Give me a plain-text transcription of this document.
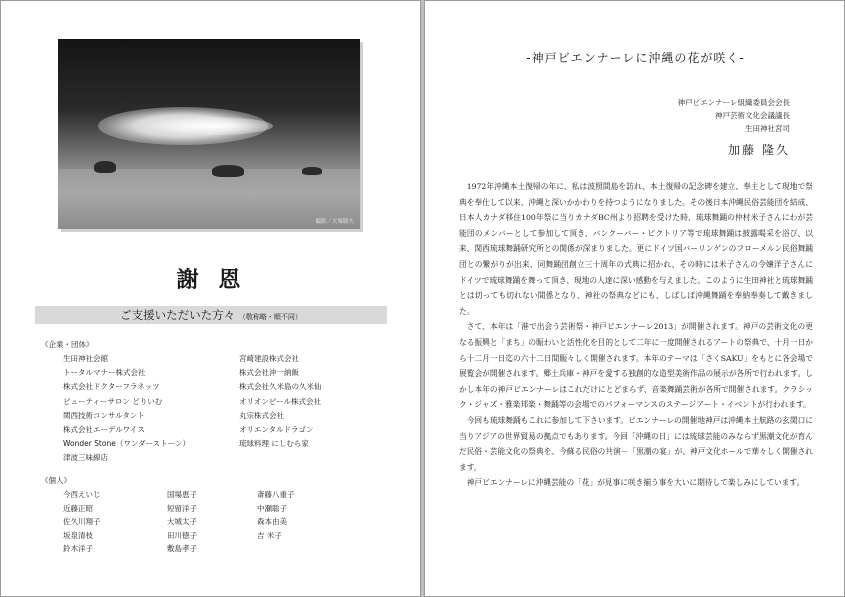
撮影／大塚勝久
謝 恩
ご支援いただいた方々 （敬称略・順不同）
《企業・団体》
生田神社会館
トータルマナー株式会社
株式会社ドクターフラネッツ
ビューティーサロン どりいむ
関西技術コンサルタント
株式会社エーデルワイス
Wonder Stone（ワンダーストーン）
津波三味線店
宮崎建設株式会社
株式会社沖一納飯
株式会社久米島の久米仙
オリオンビール株式会社
丸宗株式会社
オリエンタルドラゴン
琉球料理 にしむら家
《個人》
今西えいじ
近藤正昭
佐久川翔子
坂泉清枝
鈴木洋子
国場恵子
短留洋子
大城太子
田川徳子
敷島孝子
斎藤八重子
中瀬聡子
森本由美
吉 米子
-神戸ビエンナーレに沖縄の花が咲く-
神戸ビエンナーレ組織委員会会長
神戸芸術文化会議議長
生田神社宮司
加藤 隆久

1972年沖縄本土復帰の年に、私は波照間島を訪れ、本土復帰の記念碑を建立、奉主として現地で祭典を奉仕して以来、沖縄と深いかかわりを持つようになりました。その後日本沖縄民俗芸能団を結成、日本人カナダ移住100年祭に当りカナダBC州より招聘を受けた時、琉球舞踊の仲村米子さんにわが芸能団のメンバーとして参加して頂き、バンクーバー・ビクトリア等で琉球舞踊は披露喝采を浴び、以来、関西琉球舞踊研究所との関係が深まりました。更にドイツ国バーリンゲンのフローメルン民俗舞踊団との繋がりが出来、同舞踊団創立三十周年の式典に招かれ、その時には米子さんの令嬢洋子さんにドイツで琉球舞踊を舞って頂き、現地の人達に深い感動を与えました。このように生田神社と琉球舞踊とは切っても切れない間係となり、神社の祭典などにも、しばしば沖縄舞踊を奉納奉奏して戴きました。

さて、本年は「港で出会う芸術祭・神戸ビエンナーレ2013」が開催されます。神戸の芸術文化の更なる振興と「まち」の賑わいと活性化を目的として二年に一度開催されるアートの祭典で、十月一日から十二月一日迄の六十二日間賑々しく開催されます。本年のテーマは「さくSAKU」をもとに各会場で展覧会が開催されます。郷土兵庫・神戸を愛する独創的な造型美術作品の展示が各所で行われます。しかし本年の神戸ビエンナーレはこれだけにとどまらず、音楽舞踊芸術が各所で開催されます。クラシック・ジャズ・雅楽邦楽・舞踊等の会場でのパフォーマンスのステージアート・イベントが行われます。

今回も琉球舞踊もこれに参加して下さいます。ビエンナーレの開催地神戸は沖縄本土航路の玄関口に当りアジアの世界貿易の拠点でもあります。今回「沖縄の日」には琉球芸能のみならず黒潮文化が育んだ民俗・芸能文化の祭典を、今蘇る民俗の共演－「黒潮の宴」が、神戸文化ホールで華々しく開催されます。

神戸ビエンナーレに沖縄芸能の「花」が見事に咲き揃う事を大いに期待して楽しみにしています。
